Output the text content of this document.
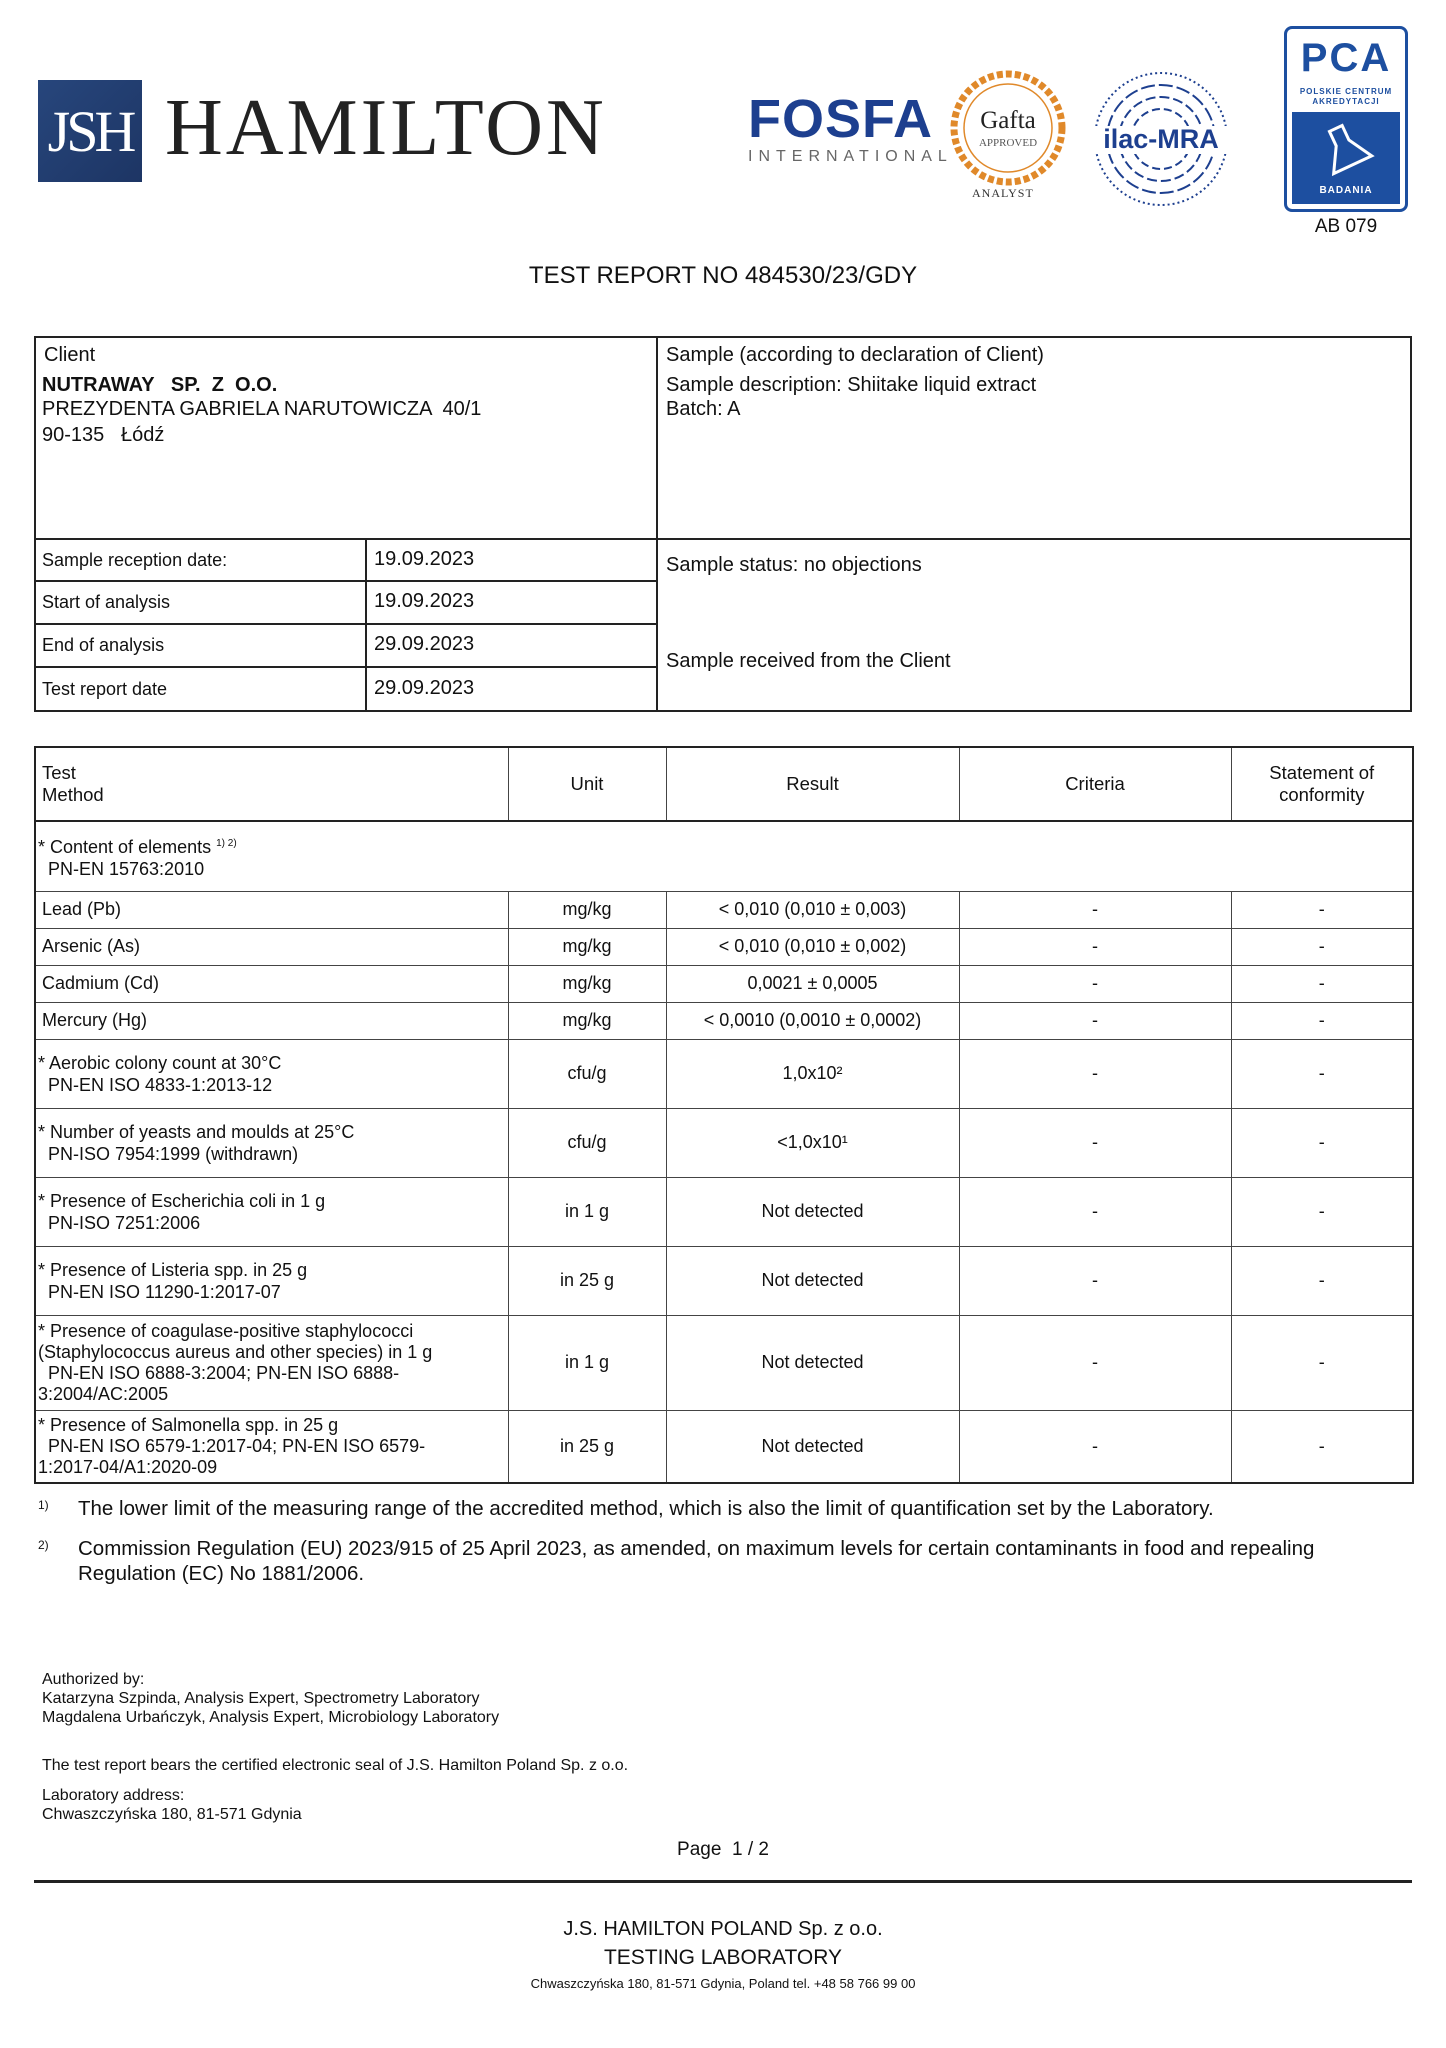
JSH HAMILTON	FOSFA
INTERNATIONAL
Gafta
APPROVED
ANALYST
ilac-MRA
PCA
POLSKIE CENTRUM
AKREDYTACJI
BADANIA
AB 079
TEST REPORT NO 484530/23/GDY
Client
NUTRAWAY   SP.  Z  O.O.
PREZYDENTA GABRIELA NARUTOWICZA  40/1
90-135   Łódź
Sample (according to declaration of Client)
Sample description: Shiitake liquid extract
Batch: A
Sample status: no objections
Sample received from the Client
Sample reception date:	19.09.2023
Start of analysis	19.09.2023
End of analysis	29.09.2023
Test report date	29.09.2023
Test
Method	Unit	Result	Criteria	Statement of
conformity
* Content of elements $^{1) 2)}$
PN-EN 15763:2010				
Lead (Pb)	mg/kg	< 0,010 (0,010 ± 0,003)	-	-
Arsenic (As)	mg/kg	< 0,010 (0,010 ± 0,002)	-	-
Cadmium (Cd)	mg/kg	0,0021 ± 0,0005	-	-
Mercury (Hg)	mg/kg	< 0,0010 (0,0010 ± 0,0002)	-	-
* Aerobic colony count at 30°C
PN-EN ISO 4833-1:2013-12	cfu/g	1,0x10²	-	-
* Number of yeasts and moulds at 25°C
PN-ISO 7954:1999 (withdrawn)	cfu/g	<1,0x10¹	-	-
* Presence of Escherichia coli in 1 g
PN-ISO 7251:2006	in 1 g	Not detected	-	-
* Presence of Listeria spp. in 25 g
PN-EN ISO 11290-1:2017-07	in 25 g	Not detected	-	-
* Presence of coagulase-positive staphylococci
(Staphylococcus aureus and other species) in 1 g
PN-EN ISO 6888-3:2004; PN-EN ISO 6888-
3:2004/AC:2005	in 1 g	Not detected	-	-
* Presence of Salmonella spp. in 25 g
PN-EN ISO 6579-1:2017-04; PN-EN ISO 6579-
1:2017-04/A1:2020-09	in 25 g	Not detected	-	-
1) The lower limit of the measuring range of the accredited method, which is also the limit of quantification set by the Laboratory.
2) Commission Regulation (EU) 2023/915 of 25 April 2023, as amended, on maximum levels for certain contaminants in food and repealing
Regulation (EC) No 1881/2006.
Authorized by:
Katarzyna Szpinda, Analysis Expert, Spectrometry Laboratory
Magdalena Urbańczyk, Analysis Expert, Microbiology Laboratory
The test report bears the certified electronic seal of J.S. Hamilton Poland Sp. z o.o.
Laboratory address:
Chwaszczyńska 180, 81-571 Gdynia
Page  1 / 2
J.S. HAMILTON POLAND Sp. z o.o.
TESTING LABORATORY
Chwaszczyńska 180, 81-571 Gdynia, Poland tel. +48 58 766 99 00
